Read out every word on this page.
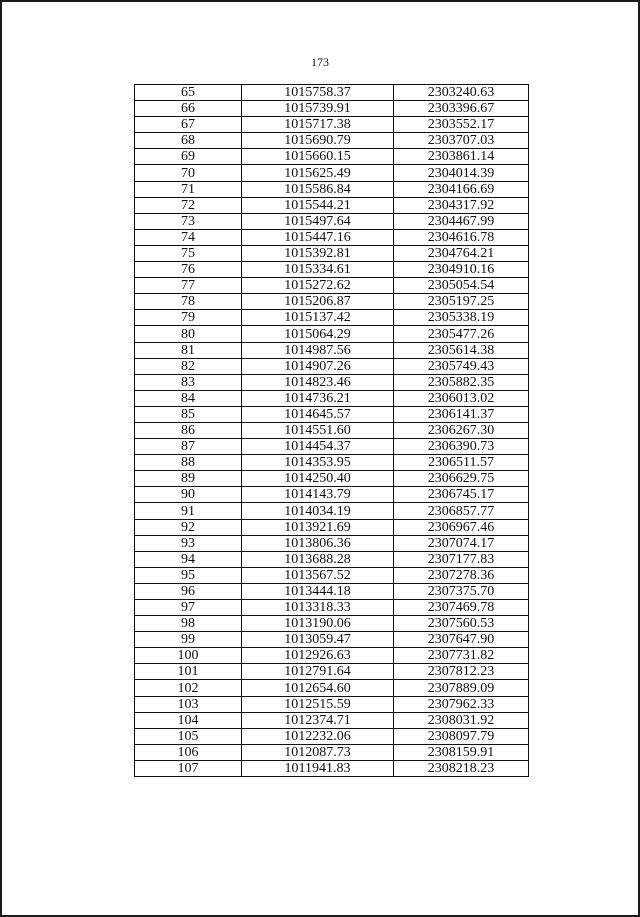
173
65	1015758.37	2303240.63
66	1015739.91	2303396.67
67	1015717.38	2303552.17
68	1015690.79	2303707.03
69	1015660.15	2303861.14
70	1015625.49	2304014.39
71	1015586.84	2304166.69
72	1015544.21	2304317.92
73	1015497.64	2304467.99
74	1015447.16	2304616.78
75	1015392.81	2304764.21
76	1015334.61	2304910.16
77	1015272.62	2305054.54
78	1015206.87	2305197.25
79	1015137.42	2305338.19
80	1015064.29	2305477.26
81	1014987.56	2305614.38
82	1014907.26	2305749.43
83	1014823.46	2305882.35
84	1014736.21	2306013.02
85	1014645.57	2306141.37
86	1014551.60	2306267.30
87	1014454.37	2306390.73
88	1014353.95	2306511.57
89	1014250.40	2306629.75
90	1014143.79	2306745.17
91	1014034.19	2306857.77
92	1013921.69	2306967.46
93	1013806.36	2307074.17
94	1013688.28	2307177.83
95	1013567.52	2307278.36
96	1013444.18	2307375.70
97	1013318.33	2307469.78
98	1013190.06	2307560.53
99	1013059.47	2307647.90
100	1012926.63	2307731.82
101	1012791.64	2307812.23
102	1012654.60	2307889.09
103	1012515.59	2307962.33
104	1012374.71	2308031.92
105	1012232.06	2308097.79
106	1012087.73	2308159.91
107	1011941.83	2308218.23
